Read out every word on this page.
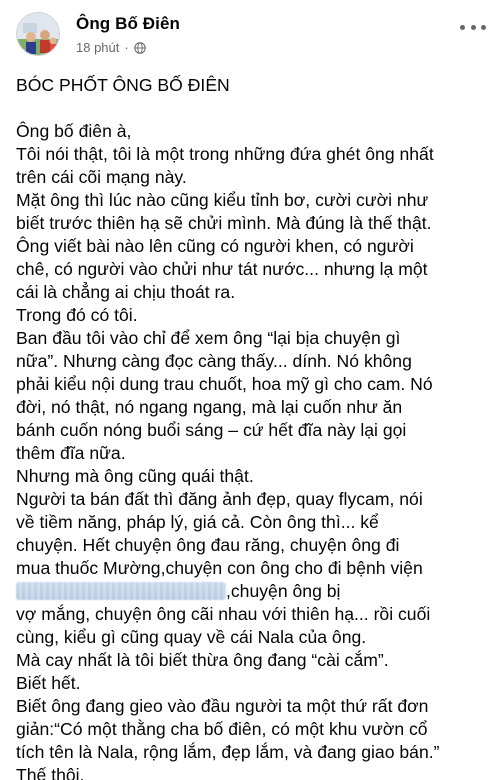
Ông Bố Điên
18 phút ·
BÓC PHỐT ÔNG BỐ ĐIÊN
Ông bố điên à,
Tôi nói thật, tôi là một trong những đứa ghét ông nhất
trên cái cõi mạng này.
Mặt ông thì lúc nào cũng kiểu tỉnh bơ, cười cười như
biết trước thiên hạ sẽ chửi mình. Mà đúng là thế thật.
Ông viết bài nào lên cũng có người khen, có người
chê, có người vào chửi như tát nước... nhưng lạ một
cái là chẳng ai chịu thoát ra.
Trong đó có tôi.
Ban đầu tôi vào chỉ để xem ông “lại bịa chuyện gì
nữa”. Nhưng càng đọc càng thấy... dính. Nó không
phải kiểu nội dung trau chuốt, hoa mỹ gì cho cam. Nó
đời, nó thật, nó ngang ngang, mà lại cuốn như ăn
bánh cuốn nóng buổi sáng – cứ hết đĩa này lại gọi
thêm đĩa nữa.
Nhưng mà ông cũng quái thật.
Người ta bán đất thì đăng ảnh đẹp, quay flycam, nói
về tiềm năng, pháp lý, giá cả. Còn ông thì... kể
chuyện. Hết chuyện ông đau răng, chuyện ông đi
mua thuốc Mường,chuyện con ông cho đi bệnh viện
,chuyện ông bị
vợ mắng, chuyện ông cãi nhau với thiên hạ... rồi cuối
cùng, kiểu gì cũng quay về cái Nala của ông.
Mà cay nhất là tôi biết thừa ông đang “cài cắm”.
Biết hết.
Biết ông đang gieo vào đầu người ta một thứ rất đơn
giản:“Có một thằng cha bố điên, có một khu vườn cổ
tích tên là Nala, rộng lắm, đẹp lắm, và đang giao bán.”
Thế thôi.
